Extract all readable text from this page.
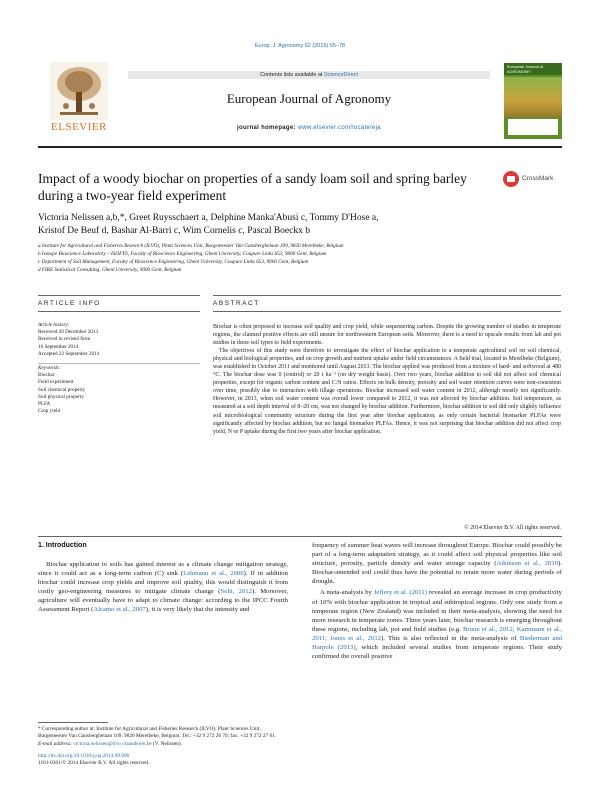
Europ. J. Agronomy 62 (2015) 65–78
ELSEVIER
Contents lists available at ScienceDirect
European Journal of Agronomy
journal homepage: www.elsevier.com/locate/eja
European Journal of AGRONOMY
Impact of a woody biochar on properties of a sandy loam soil and spring barley during a two-year field experiment
CrossMark
Victoria Nelissen a,b,*, Greet Ruysschaert a, Delphine Manka'Abusi c, Tommy D'Hose a,
Kristof De Beuf d, Bashar Al-Barri c, Wim Cornelis c, Pascal Boeckx b
a Institute for Agricultural and Fisheries Research (ILVO), Plant Sciences Unit, Burgemeester Van Gansberghelaan 109, 9820 Merelbeke, Belgium
b Isotope Bioscience Laboratory – ISOFYS, Faculty of Bioscience Engineering, Ghent University, Coupure Links 653, 9000 Gent, Belgium
c Department of Soil Management, Faculty of Bioscience Engineering, Ghent University, Coupure Links 653, 9000 Gent, Belgium
d FIRE Statistical Consulting, Ghent University, 9000 Gent, Belgium
ARTICLE INFO	ABSTRACT
Article history:
Received 20 December 2013
Received in revised form
16 September 2014
Accepted 22 September 2014
Keywords:
Biochar
Field experiment
Soil chemical property
Soil physical property
PLFA
Crop yield

Biochar is often proposed to increase soil quality and crop yield, while sequestering carbon. Despite the growing number of studies in temperate regions, the claimed positive effects are still unsure for northwestern European soils. Moreover, there is a need to upscale results from lab and pot studies in these soil types to field experiments.

The objectives of this study were therefore to investigate the effect of biochar application to a temperate agricultural soil on soil chemical, physical and biological properties, and on crop growth and nutrient uptake under field circumstances. A field trial, located in Merelbeke (Belgium), was established in October 2011 and monitored until August 2013. The biochar applied was produced from a mixture of hard- and softwood at 480 °C. The biochar dose was 0 (control) or 20 t ha⁻¹ (on dry weight basis). Over two years, biochar addition to soil did not affect soil chemical properties, except for organic carbon content and C:N ratios. Effects on bulk density, porosity and soil water retention curves were non-consistent over time, possibly due to interaction with tillage operations. Biochar increased soil water content in 2012, although mostly not significantly. However, in 2013, when soil water content was overall lower compared to 2012, it was not affected by biochar addition. Soil temperature, as measured at a soil depth interval of 8–20 cm, was not changed by biochar addition. Furthermore, biochar addition to soil did only slightly influence soil microbiological community structure during the first year after biochar application, as only certain bacterial biomarker PLFAs were significantly affected by biochar addition, but no fungal biomarker PLFAs. Hence, it was not surprising that biochar addition did not affect crop yield, N or P uptake during the first two years after biochar application.

© 2014 Elsevier B.V. All rights reserved.
1. Introduction

Biochar application to soils has gained interest as a climate change mitigation strategy, since it could act as a long-term carbon (C) sink (Lehmann et al., 2006). If in addition biochar could increase crop yields and improve soil quality, this would distinguish it from costly geo-engineering measures to mitigate climate change (Sohi, 2012). Moreover, agriculture will eventually have to adapt to climate change: according to the IPCC Fourth Assessment Report (Alcamo et al., 2007), it is very likely that the intensity and

frequency of summer heat waves will increase throughout Europe. Biochar could possibly be part of a long-term adaptation strategy, as it could affect soil physical properties like soil structure, porosity, particle density and water storage capacity (Atkinson et al., 2010). Biochar-amended soil could thus have the potential to retain more water during periods of drought.

A meta-analysis by Jeffery et al. (2011) revealed an average increase in crop productivity of 10% with biochar application in tropical and subtropical regions. Only one study from a temperate region (New Zealand) was included in their meta-analysis, showing the need for more research in temperate zones. Three years later, biochar research is emerging throughout these regions, including lab, pot and field studies (e.g. Bruun et al., 2012; Kammann et al., 2011; Jones et al., 2012). This is also reflected in the meta-analysis of Biederman and Harpole (2013), which included several studies from temperate regions. Their study confirmed the overall positive

* Corresponding author at: Institute for Agricultural and Fisheries Research (ILVO), Plant Sciences Unit, Burgemeester Van Gansberghelaan 109, 9820 Merelbeke, Belgium. Tel.: +32 9 272 26 70; fax: +32 9 272 27 01.
E-mail address: victoria.nelissen@ilvo.vlaanderen.be (V. Nelissen).
http://dx.doi.org/10.1016/j.eja.2014.09.006
1161-0301/© 2014 Elsevier B.V. All rights reserved.
